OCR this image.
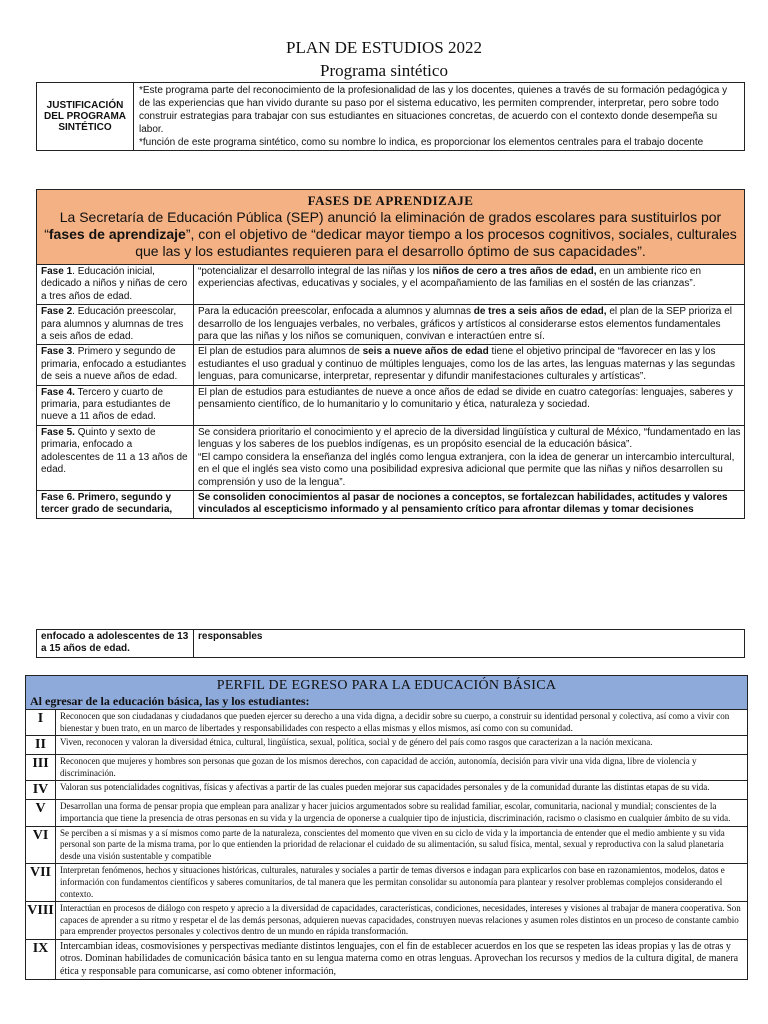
PLAN DE ESTUDIOS 2022
Programa sintético
JUSTIFICACIÓN DEL PROGRAMA SINTÉTICO	
*Este programa parte del reconocimiento de la profesionalidad de las y los docentes, quienes a través de su formación pedagógica y de las experiencias que han vivido durante su paso por el sistema educativo, les permiten comprender, interpretar, pero sobre todo construir estrategias para trabajar con sus estudiantes en situaciones concretas, de acuerdo con el contexto donde desempeña su labor.
*función de este programa sintético, como su nombre lo indica, es proporcionar los elementos centrales para el trabajo docente
FASES DE APRENDIZAJE
La Secretaría de Educación Pública (SEP) anunció la eliminación de grados escolares para sustituirlos por “fases de aprendizaje”, con el objetivo de “dedicar mayor tiempo a los procesos cognitivos, sociales, culturales que las y los estudiantes requieren para el desarrollo óptimo de sus capacidades”.	

Fase 1. Educación inicial, dedicado a niños y niñas de cero a tres años de edad.	“potencializar el desarrollo integral de las niñas y los niños de cero a tres años de edad, en un ambiente rico en experiencias afectivas, educativas y sociales, y el acompañamiento de las familias en el sostén de las crianzas”.
Fase 2. Educación preescolar, para alumnos y alumnas de tres a seis años de edad.	Para la educación preescolar, enfocada a alumnos y alumnas de tres a seis años de edad, el plan de la SEP prioriza el desarrollo de los lenguajes verbales, no verbales, gráficos y artísticos al considerarse estos elementos fundamentales para que las niñas y los niños se comuniquen, convivan e interactúen entre sí.
Fase 3. Primero y segundo de primaria, enfocado a estudiantes de seis a nueve años de edad.	El plan de estudios para alumnos de seis a nueve años de edad tiene el objetivo principal de “favorecer en las y los estudiantes el uso gradual y continuo de múltiples lenguajes, como los de las artes, las lenguas maternas y las segundas lenguas, para comunicarse, interpretar, representar y difundir manifestaciones culturales y artísticas”.
Fase 4. Tercero y cuarto de primaria, para estudiantes de nueve a 11 años de edad.	El plan de estudios para estudiantes de nueve a once años de edad se divide en cuatro categorías: lenguajes, saberes y pensamiento científico, de lo humanitario y lo comunitario y ética, naturaleza y sociedad.
Fase 5. Quinto y sexto de primaria, enfocado a adolescentes de 11 a 13 años de edad.	Se considera prioritario el conocimiento y el aprecio de la diversidad lingüística y cultural de México, “fundamentado en las lenguas y los saberes de los pueblos indígenas, es un propósito esencial de la educación básica”.
“El campo considera la enseñanza del inglés como lengua extranjera, con la idea de generar un intercambio intercultural, en el que el inglés sea visto como una posibilidad expresiva adicional que permite que las niñas y niños desarrollen su comprensión y uso de la lengua”.

Fase 6. Primero, segundo y tercer grado de secundaria,	Se consoliden conocimientos al pasar de nociones a conceptos, se fortalezcan habilidades, actitudes y valores vinculados al escepticismo informado y al pensamiento crítico para afrontar dilemas y tomar decisiones
enfocado a adolescentes de 13 a 15 años de edad.	responsables
PERFIL DE EGRESO PARA LA EDUCACIÓN BÁSICA
Al egresar de la educación básica, las y los estudiantes:	

I	Reconocen que son ciudadanas y ciudadanos que pueden ejercer su derecho a una vida digna, a decidir sobre su cuerpo, a construir su identidad personal y colectiva, así como a vivir con bienestar y buen trato, en un marco de libertades y responsabilidades con respecto a ellas mismas y ellos mismos, así como con su comunidad.
II	Viven, reconocen y valoran la diversidad étnica, cultural, lingüística, sexual, política, social y de género del país como rasgos que caracterizan a la nación mexicana.
III	Reconocen que mujeres y hombres son personas que gozan de los mismos derechos, con capacidad de acción, autonomía, decisión para vivir una vida digna, libre de violencia y discriminación.
IV	Valoran sus potencialidades cognitivas, físicas y afectivas a partir de las cuales pueden mejorar sus capacidades personales y de la comunidad durante las distintas etapas de su vida.
V	Desarrollan una forma de pensar propia que emplean para analizar y hacer juicios argumentados sobre su realidad familiar, escolar, comunitaria, nacional y mundial; conscientes de la importancia que tiene la presencia de otras personas en su vida y la urgencia de oponerse a cualquier tipo de injusticia, discriminación, racismo o clasismo en cualquier ámbito de su vida.
VI	Se perciben a sí mismas y a sí mismos como parte de la naturaleza, conscientes del momento que viven en su ciclo de vida y la importancia de entender que el medio ambiente y su vida personal son parte de la misma trama, por lo que entienden la prioridad de relacionar el cuidado de su alimentación, su salud física, mental, sexual y reproductiva con la salud planetaria desde una visión sustentable y compatible
VII	Interpretan fenómenos, hechos y situaciones históricas, culturales, naturales y sociales a partir de temas diversos e indagan para explicarlos con base en razonamientos, modelos, datos e información con fundamentos científicos y saberes comunitarios, de tal manera que les permitan consolidar su autonomía para plantear y resolver problemas complejos considerando el contexto.
VIII	Interactúan en procesos de diálogo con respeto y aprecio a la diversidad de capacidades, características, condiciones, necesidades, intereses y visiones al trabajar de manera cooperativa. Son capaces de aprender a su ritmo y respetar el de las demás personas, adquieren nuevas capacidades, construyen nuevas relaciones y asumen roles distintos en un proceso de constante cambio para emprender proyectos personales y colectivos dentro de un mundo en rápida transformación.
IX	Intercambian ideas, cosmovisiones y perspectivas mediante distintos lenguajes, con el fin de establecer acuerdos en los que se respeten las ideas propias y las de otras y otros. Dominan habilidades de comunicación básica tanto en su lengua materna como en otras lenguas. Aprovechan los recursos y medios de la cultura digital, de manera ética y responsable para comunicarse, así como obtener información,
